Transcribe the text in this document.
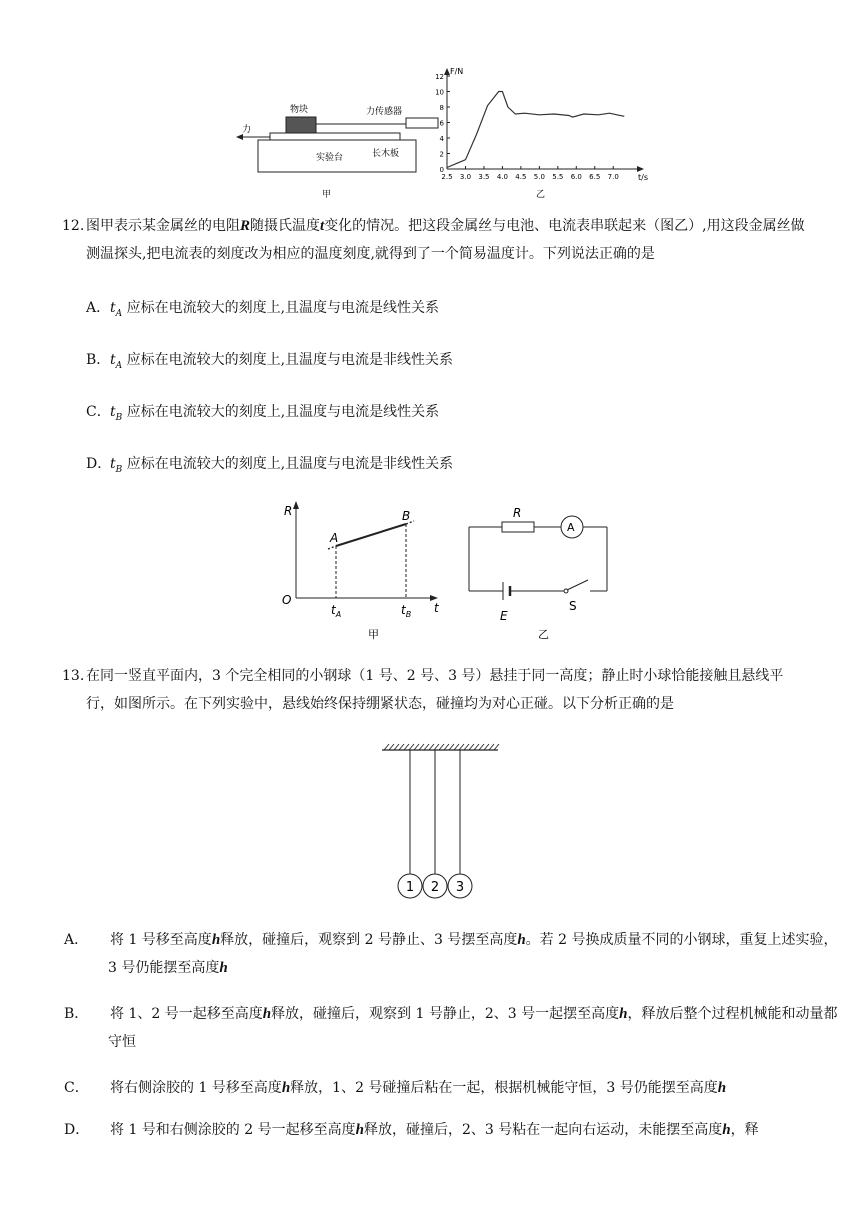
物块	力传感器
力
实验台	长木板
甲
F/N
t/s
12
10
8
6
4
2
0
2.5 3.0 3.5 4.0 4.5 5.0 5.5 6.0 6.5 7.0
乙
12. 图甲表示某金属丝的电阻R随摄氏温度t变化的情况。把这段金属丝与电池、电流表串联起来（图乙）,用这段金属丝做测温探头,把电流表的刻度改为相应的温度刻度,就得到了一个简易温度计。下列说法正确的是
A．$t_A$ 应标在电流较大的刻度上,且温度与电流是线性关系
B．$t_A$ 应标在电流较大的刻度上,且温度与电流是非线性关系
C．$t_B$ 应标在电流较大的刻度上,且温度与电流是线性关系
D．$t_B$ 应标在电流较大的刻度上,且温度与电流是非线性关系
R
O
t
A
B
$t_A$	$t_B$
甲
R
A
E
S
乙
13. 在同一竖直平面内，3 个完全相同的小钢球（1 号、2 号、3 号）悬挂于同一高度；静止时小球恰能接触且悬线平行，如图所示。在下列实验中，悬线始终保持绷紧状态，碰撞均为对心正碰。以下分析正确的是
1 2 3
A． 将 1 号移至高度h释放，碰撞后，观察到 2 号静止、3 号摆至高度h。若 2 号换成质量不同的小钢球，重复上述实验，3 号仍能摆至高度h
B． 将 1、2 号一起移至高度h释放，碰撞后，观察到 1 号静止，2、3 号一起摆至高度h，释放后整个过程机械能和动量都守恒
C． 将右侧涂胶的 1 号移至高度h释放，1、2 号碰撞后粘在一起，根据机械能守恒，3 号仍能摆至高度h
D． 将 1 号和右侧涂胶的 2 号一起移至高度h释放，碰撞后，2、3 号粘在一起向右运动，未能摆至高度h，释
